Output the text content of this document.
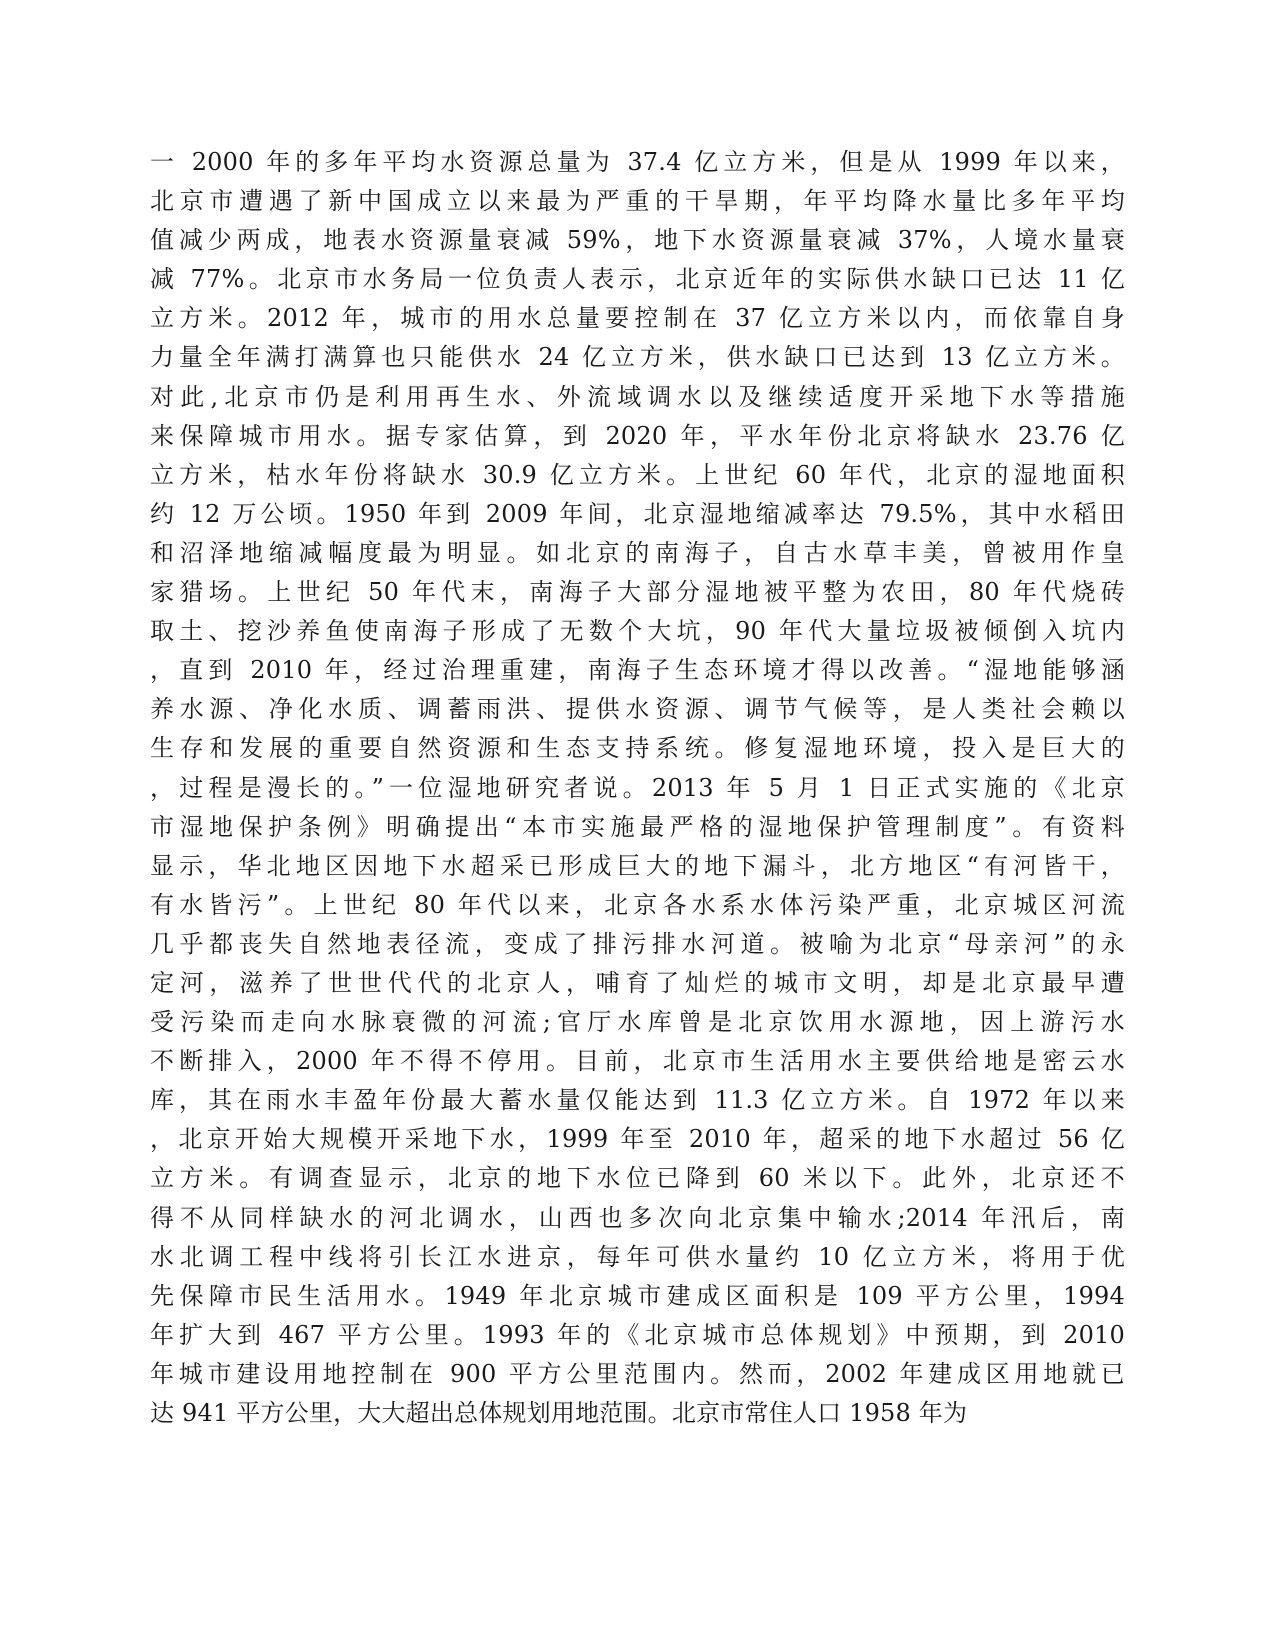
一 2000 年的多年平均水资源总量为 37.4 亿立方米，但是从 1999 年以来，
北京市遭遇了新中国成立以来最为严重的干旱期，年平均降水量比多年平均
值减少两成，地表水资源量衰减 59%，地下水资源量衰减 37%，人境水量衰
减 77%。北京市水务局一位负责人表示，北京近年的实际供水缺口已达 11 亿
立方米。2012 年，城市的用水总量要控制在 37 亿立方米以内，而依靠自身
力量全年满打满算也只能供水 24 亿立方米，供水缺口已达到 13 亿立方米。
对此,北京市仍是利用再生水、外流域调水以及继续适度开采地下水等措施
来保障城市用水。据专家估算，到 2020 年，平水年份北京将缺水 23.76 亿
立方米，枯水年份将缺水 30.9 亿立方米。上世纪 60 年代，北京的湿地面积
约 12 万公顷。1950 年到 2009 年间，北京湿地缩减率达 79.5%，其中水稻田
和沼泽地缩减幅度最为明显。如北京的南海子，自古水草丰美，曾被用作皇
家猎场。上世纪 50 年代末，南海子大部分湿地被平整为农田，80 年代烧砖
取土、挖沙养鱼使南海子形成了无数个大坑，90 年代大量垃圾被倾倒入坑内
，直到 2010 年，经过治理重建，南海子生态环境才得以改善。“湿地能够涵
养水源、净化水质、调蓄雨洪、提供水资源、调节气候等，是人类社会赖以
生存和发展的重要自然资源和生态支持系统。修复湿地环境，投入是巨大的
，过程是漫长的。”一位湿地研究者说。2013 年 5 月 1 日正式实施的《北京
市湿地保护条例》明确提出“本市实施最严格的湿地保护管理制度”。有资料
显示，华北地区因地下水超采已形成巨大的地下漏斗，北方地区“有河皆干，
有水皆污”。上世纪 80 年代以来，北京各水系水体污染严重，北京城区河流
几乎都丧失自然地表径流，变成了排污排水河道。被喻为北京“母亲河”的永
定河，滋养了世世代代的北京人，哺育了灿烂的城市文明，却是北京最早遭
受污染而走向水脉衰微的河流;官厅水库曾是北京饮用水源地，因上游污水
不断排入，2000 年不得不停用。目前，北京市生活用水主要供给地是密云水
库，其在雨水丰盈年份最大蓄水量仅能达到 11.3 亿立方米。自 1972 年以来
，北京开始大规模开采地下水，1999 年至 2010 年，超采的地下水超过 56 亿
立方米。有调查显示，北京的地下水位已降到 60 米以下。此外，北京还不
得不从同样缺水的河北调水，山西也多次向北京集中输水;2014 年汛后，南
水北调工程中线将引长江水进京，每年可供水量约 10 亿立方米，将用于优
先保障市民生活用水。1949 年北京城市建成区面积是 109 平方公里，1994
年扩大到 467 平方公里。1993 年的《北京城市总体规划》中预期，到 2010
年城市建设用地控制在 900 平方公里范围内。然而，2002 年建成区用地就已
达 941 平方公里，大大超出总体规划用地范围。北京市常住人口 1958 年为
